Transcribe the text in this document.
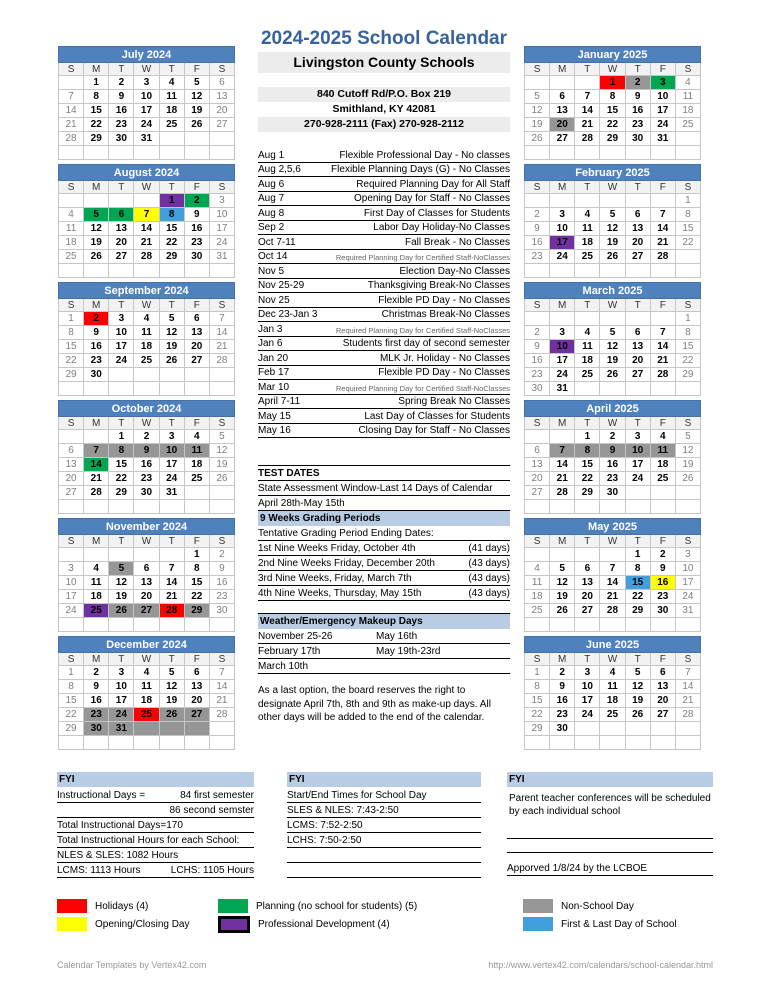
July 2024						
S	M	T	W	T	F	S
	1	2	3	4	5	6
7	8	9	10	11	12	13
14	15	16	17	18	19	20
21	22	23	24	25	26	27
28	29	30	31			

August 2024						
S	M	T	W	T	F	S
				1	2	3
4	5	6	7	8	9	10
11	12	13	14	15	16	17
18	19	20	21	22	23	24
25	26	27	28	29	30	31

September 2024						
S	M	T	W	T	F	S
1	2	3	4	5	6	7
8	9	10	11	12	13	14
15	16	17	18	19	20	21
22	23	24	25	26	27	28
29	30					

October 2024						
S	M	T	W	T	F	S
		1	2	3	4	5
6	7	8	9	10	11	12
13	14	15	16	17	18	19
20	21	22	23	24	25	26
27	28	29	30	31		

November 2024						
S	M	T	W	T	F	S
					1	2
3	4	5	6	7	8	9
10	11	12	13	14	15	16
17	18	19	20	21	22	23
24	25	26	27	28	29	30

December 2024						
S	M	T	W	T	F	S
1	2	3	4	5	6	7
8	9	10	11	12	13	14
15	16	17	18	19	20	21
22	23	24	25	26	27	28
29	30	31				

2024-2025 School Calendar
Livingston County Schools
840 Cutoff Rd/P.O. Box 219
Smithland, KY 42081
270-928-2111 (Fax) 270-928-2112
Aug 1	Flexible Professional Day - No classes
Aug 2,5,6	Flexible Planning Days (G) - No Classes
Aug 6	Required Planning Day for All Staff
Aug 7	Opening Day for Staff - No Classes
Aug 8	First Day of Classes for Students
Sep 2	Labor Day Holiday-No Classes
Oct 7-11	Fall Break - No Classes
Oct 14	Required Planning Day for Certified Staff-NoClasses
Nov 5	Election Day-No Classes
Nov 25-29	Thanksgiving Break-No Classes
Nov 25	Flexible PD Day - No Classes
Dec 23-Jan 3	Christmas Break-No Classes
Jan 3	Required Planning Day for Certified Staff-NoClasses
Jan 6	Students first day of second semester
Jan 20	MLK Jr. Holiday - No Classes
Feb 17	Flexible PD Day - No Classes
Mar 10	Required Planning Day for Certified Staff-NoClasses
April 7-11	Spring Break No Classes
May 15	Last Day of Classes for Students
May 16	Closing Day for Staff - No Classes
TEST DATES
State Assessment Window-Last 14 Days of Calendar
April 28th-May 15th
9 Weeks Grading Periods
Tentative Grading Period Ending Dates:
1st Nine Weeks Friday, October 4th	(41 days)
2nd Nine Weeks Friday, December 20th	(43 days)
3rd Nine Weeks, Friday, March 7th	(43 days)
4th Nine Weeks, Thursday, May 15th	(43 days)
Weather/Emergency Makeup Days
November 25-26	May 16th
February 17th	May 19th-23rd
March 10th
As a last option, the board reserves the right to designate April 7th, 8th and 9th as make-up days. All other days will be added to the end of the calendar.
January 2025						
S	M	T	W	T	F	S
			1	2	3	4
5	6	7	8	9	10	11
12	13	14	15	16	17	18
19	20	21	22	23	24	25
26	27	28	29	30	31	

February 2025						
S	M	T	W	T	F	S
						1
2	3	4	5	6	7	8
9	10	11	12	13	14	15
16	17	18	19	20	21	22
23	24	25	26	27	28	

March 2025						
S	M	T	W	T	F	S
						1
2	3	4	5	6	7	8
9	10	11	12	13	14	15
16	17	18	19	20	21	22
23	24	25	26	27	28	29
30	31					
April 2025						
S	M	T	W	T	F	S
		1	2	3	4	5
6	7	8	9	10	11	12
13	14	15	16	17	18	19
20	21	22	23	24	25	26
27	28	29	30			

May 2025						
S	M	T	W	T	F	S
				1	2	3
4	5	6	7	8	9	10
11	12	13	14	15	16	17
18	19	20	21	22	23	24
25	26	27	28	29	30	31

June 2025						
S	M	T	W	T	F	S
1	2	3	4	5	6	7
8	9	10	11	12	13	14
15	16	17	18	19	20	21
22	23	24	25	26	27	28
29	30					

FYI
Instructional Days =	84 first semester
86 second semster
Total Instructional Days=170
Total Instructional Hours for each School:
NLES & SLES: 1082 Hours
LCMS: 1113 Hours	LCHS: 1105 Hours
FYI
Start/End Times for School Day
SLES & NLES: 7:43-2:50
LCMS: 7:52-2:50
LCHS: 7:50-2:50
FYI
Parent teacher conferences will be scheduled by each individual school
Apporved 1/8/24 by the LCBOE
Holidays (4)
Opening/Closing Day
Planning (no school for students) (5)
Professional Development (4)
Non-School Day
First & Last Day of School
Calendar Templates by Vertex42.com	http://www.vertex42.com/calendars/school-calendar.html
